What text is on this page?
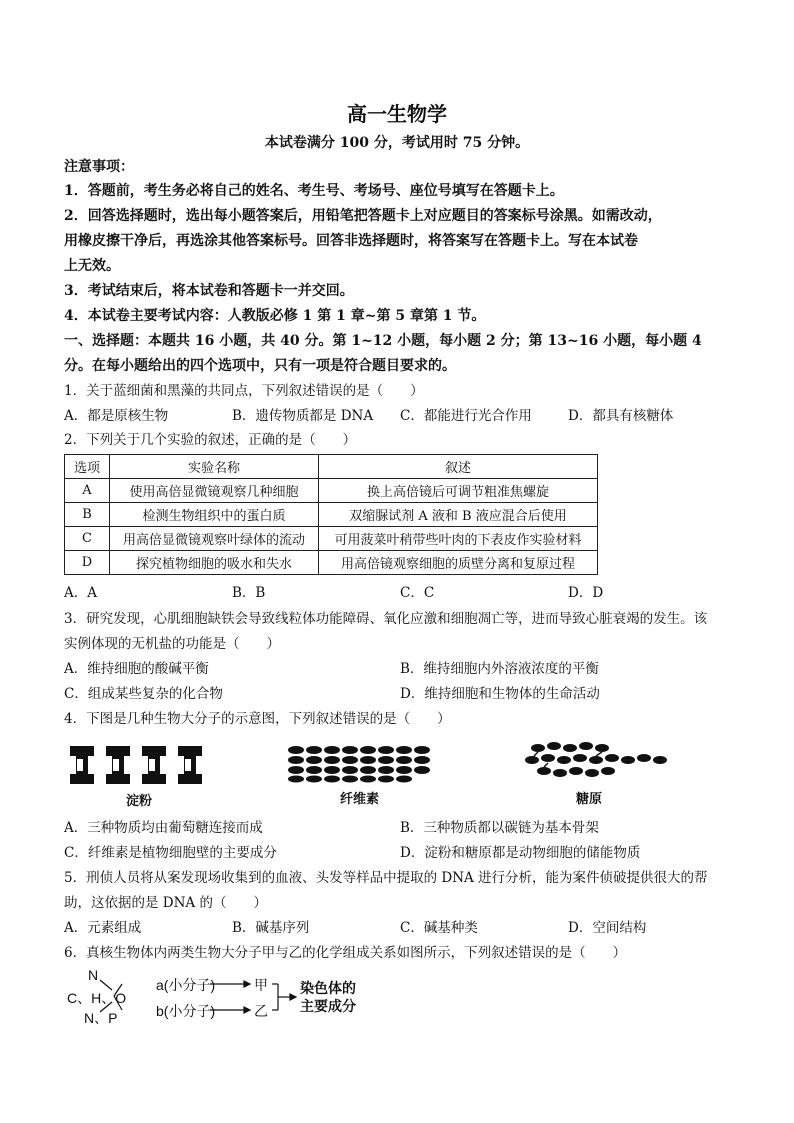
高一生物学
本试卷满分 100 分，考试用时 75 分钟。
注意事项：
1．答题前，考生务必将自己的姓名、考生号、考场号、座位号填写在答题卡上。
2．回答选择题时，选出每小题答案后，用铅笔把答题卡上对应题目的答案标号涂黑。如需改动，
用橡皮擦干净后，再选涂其他答案标号。回答非选择题时，将答案写在答题卡上。写在本试卷
上无效。
3．考试结束后，将本试卷和答题卡一并交回。
4．本试卷主要考试内容：人教版必修 1 第 1 章~第 5 章第 1 节。
一、选择题：本题共 16 小题，共 40 分。第 1~12 小题，每小题 2 分；第 13~16 小题，每小题 4
分。在每小题给出的四个选项中，只有一项是符合题目要求的。
1．关于蓝细菌和黑藻的共同点，下列叙述错误的是（　　）
A．都是原核生物	B．遗传物质都是 DNA C．都能进行光合作用	D．都具有核糖体
2．下列关于几个实验的叙述，正确的是（　　）
选项	实验名称	叙述
A	使用高倍显微镜观察几种细胞	换上高倍镜后可调节粗准焦螺旋
B	检测生物组织中的蛋白质	双缩脲试剂 A 液和 B 液应混合后使用
C	用高倍显微镜观察叶绿体的流动	可用菠菜叶稍带些叶肉的下表皮作实验材料
D	探究植物细胞的吸水和失水	用高倍镜观察细胞的质壁分离和复原过程
A．A	B．B	C．C	D．D
3．研究发现，心肌细胞缺铁会导致线粒体功能障碍、氧化应激和细胞凋亡等，进而导致心脏衰竭的发生。该
实例体现的无机盐的功能是（　　）
A．维持细胞的酸碱平衡	B．维持细胞内外溶液浓度的平衡
C．组成某些复杂的化合物	D．维持细胞和生物体的生命活动
4．下图是几种生物大分子的示意图，下列叙述错误的是（　　）
淀粉	纤维素	糖原
A．三种物质均由葡萄糖连接而成	B．三种物质都以碳链为基本骨架
C．纤维素是植物细胞壁的主要成分	D．淀粉和糖原都是动物细胞的储能物质
5．刑侦人员将从案发现场收集到的血液、头发等样品中提取的 DNA 进行分析，能为案件侦破提供很大的帮
助，这依据的是 DNA 的（　　）
A．元素组成	B．碱基序列	C．碱基种类	D．空间结构
6．真核生物体内两类生物大分子甲与乙的化学组成关系如图所示，下列叙述错误的是（　　）
N
C、H、O
N、P
a(小分子)
b(小分子)
甲
乙
染色体的
主要成分
